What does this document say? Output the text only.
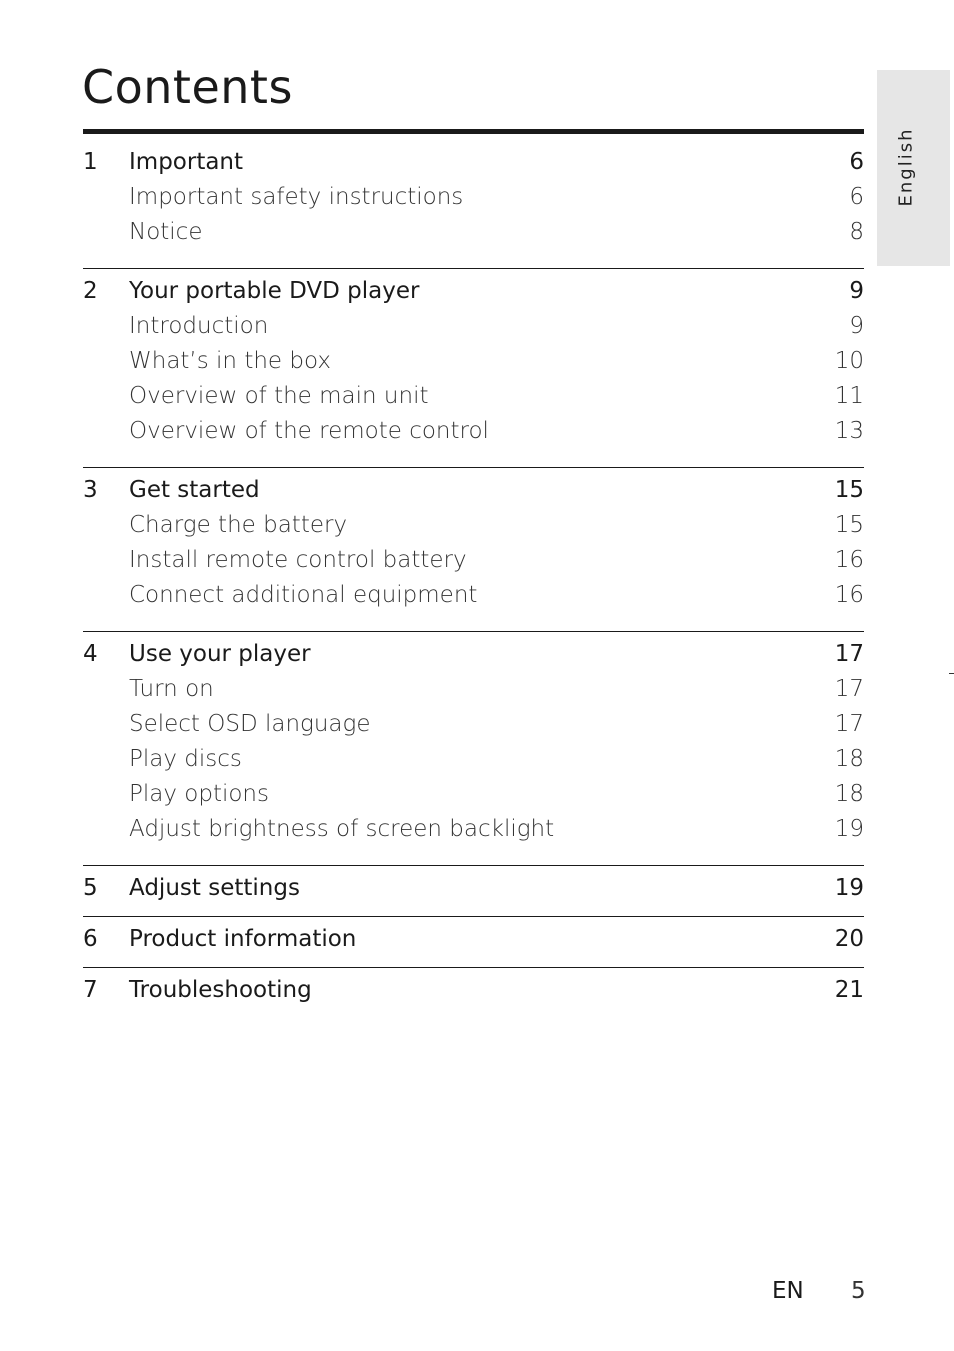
Contents
English
1 Important	6
Important safety instructions	6
Notice	8
2 Your portable DVD player	9
Introduction	9
What’s in the box	10
Overview of the main unit	11
Overview of the remote control	13
3 Get started	15
Charge the battery	15
Install remote control battery	16
Connect additional equipment	16
4 Use your player	17
Turn on	17
Select OSD language	17
Play discs	18
Play options	18
Adjust brightness of screen backlight	19
5 Adjust settings	19
6 Product information	20
7 Troubleshooting	21
EN 5
